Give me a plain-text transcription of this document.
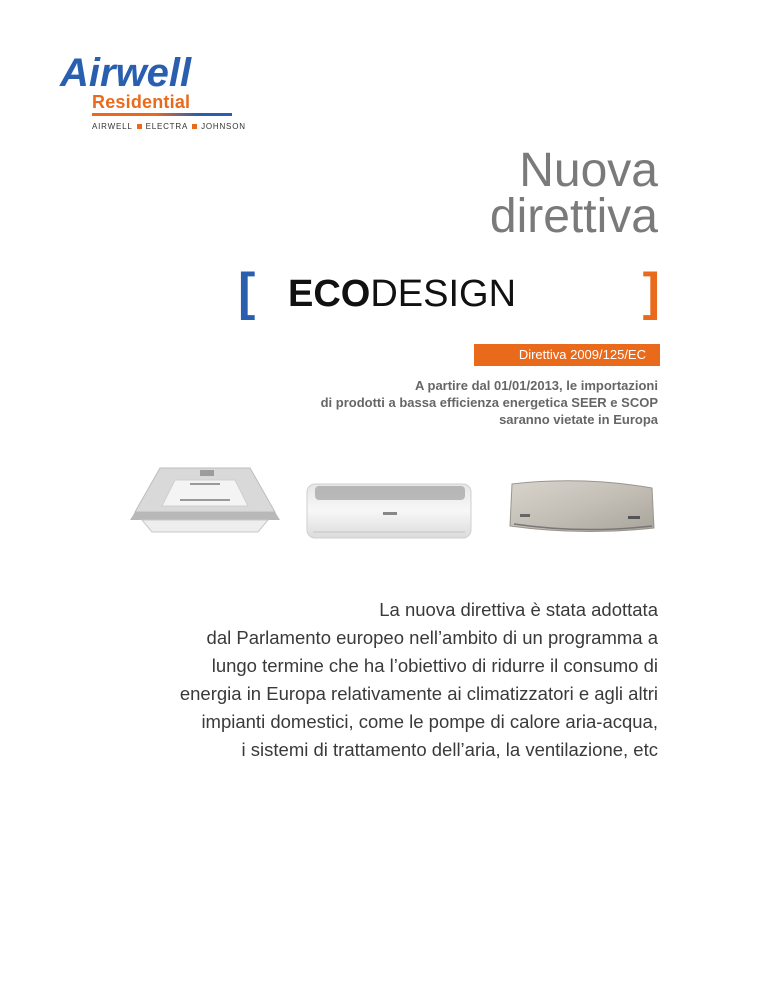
Airwell
Residential
AIRWELL ELECTRA JOHNSON
Nuova
direttiva
[ ECODESIGN ]
Direttiva 2009/125/EC
A partire dal 01/01/2013, le importazioni
di prodotti a bassa efficienza energetica SEER e SCOP
saranno vietate in Europa
La nuova direttiva è stata adottata
dal Parlamento europeo nell’ambito di un programma a
lungo termine che ha l’obiettivo di ridurre il consumo di
energia in Europa relativamente ai climatizzatori e agli altri
impianti domestici, come le pompe di calore aria-acqua,
i sistemi di trattamento dell’aria, la ventilazione, etc
